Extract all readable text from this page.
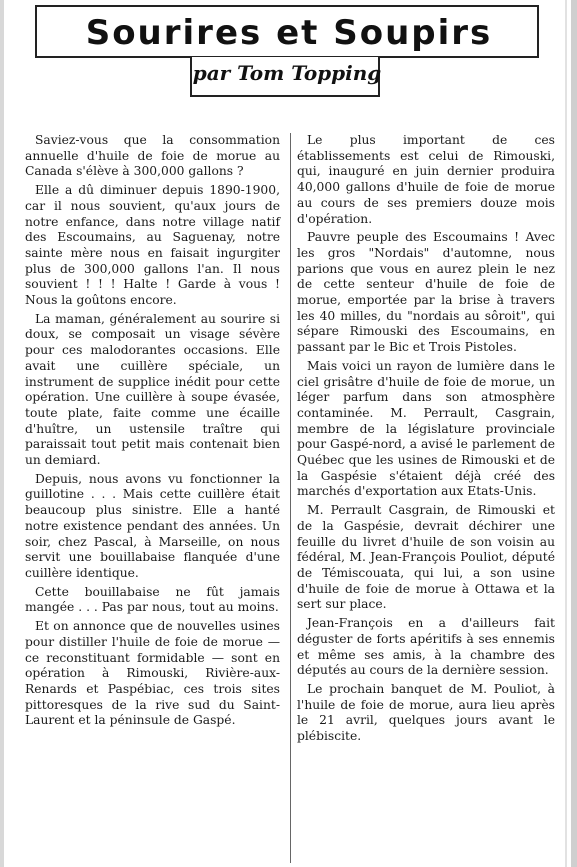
Sourires et Soupirs
par Tom Topping

Saviez-vous que la consommation annuelle d'huile de foie de morue au Canada s'élève à 300,000 gallons ?

Elle a dû diminuer depuis 1890-1900, car il nous souvient, qu'aux jours de notre enfance, dans notre village natif des Escoumains, au Saguenay, notre sainte mère nous en faisait ingurgiter plus de 300,000 gallons l'an. Il nous souvient ! ! ! Halte ! Garde à vous ! Nous la goûtons encore.

La maman, généralement au sourire si doux, se composait un visage sévère pour ces malodorantes occasions. Elle avait une cuillère spéciale, un instrument de supplice inédit pour cette opération. Une cuillère à soupe évasée, toute plate, faite comme une écaille d'huître, un ustensile traître qui paraissait tout petit mais contenait bien un demiard.

Depuis, nous avons vu fonctionner la guillotine . . . Mais cette cuillère était beaucoup plus sinistre. Elle a hanté notre existence pendant des années. Un soir, chez Pascal, à Marseille, on nous servit une bouillabaise flanquée d'une cuillère identique.

Cette bouillabaise ne fût jamais mangée . . . Pas par nous, tout au moins.

Et on annonce que de nouvelles usines pour distiller l'huile de foie de morue — ce reconstituant formidable — sont en opération à Rimouski, Rivière-aux-Renards et Paspébiac, ces trois sites pittoresques de la rive sud du Saint-Laurent et la péninsule de Gaspé.

Le plus important de ces établissements est celui de Rimouski, qui, inauguré en juin dernier produira 40,000 gallons d'huile de foie de morue au cours de ses premiers douze mois d'opération.

Pauvre peuple des Escoumains ! Avec les gros "Nordais" d'automne, nous parions que vous en aurez plein le nez de cette senteur d'huile de foie de morue, emportée par la brise à travers les 40 milles, du "nordais au sôroit", qui sépare Rimouski des Escoumains, en passant par le Bic et Trois Pistoles.

Mais voici un rayon de lumière dans le ciel grisâtre d'huile de foie de morue, un léger parfum dans son atmosphère contaminée. M. Perrault, Casgrain, membre de la législature provinciale pour Gaspé-nord, a avisé le parlement de Québec que les usines de Rimouski et de la Gaspésie s'étaient déjà créé des marchés d'exportation aux Etats-Unis.

M. Perrault Casgrain, de Rimouski et de la Gaspésie, devrait déchirer une feuille du livret d'huile de son voisin au fédéral, M. Jean-François Pouliot, député de Témiscouata, qui lui, a son usine d'huile de foie de morue à Ottawa et la sert sur place.

Jean-François en a d'ailleurs fait déguster de forts apéritifs à ses ennemis et même ses amis, à la chambre des députés au cours de la dernière session.

Le prochain banquet de M. Pouliot, à l'huile de foie de morue, aura lieu après le 21 avril, quelques jours avant le plébiscite.
